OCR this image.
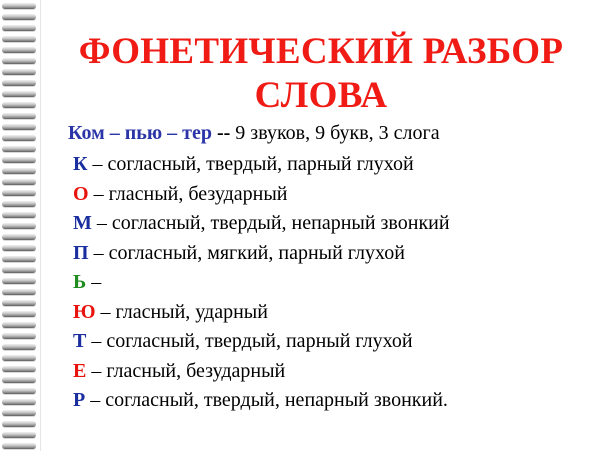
ФОНЕТИЧЕСКИЙ РАЗБОР
СЛОВА
Ком – пью – тер -- 9 звуков, 9 букв, 3 слога
К – согласный, твердый, парный глухой
О – гласный, безударный
М – согласный, твердый, непарный звонкий
П – согласный, мягкий, парный глухой
Ь –
Ю – гласный, ударный
Т – согласный, твердый, парный глухой
Е – гласный, безударный
Р – согласный, твердый, непарный звонкий.
